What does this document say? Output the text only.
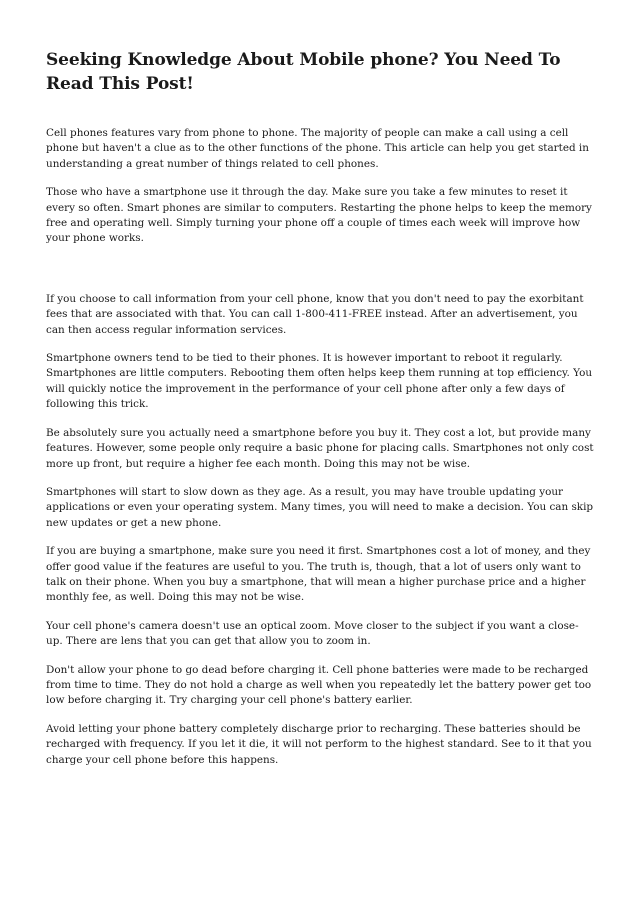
Seeking Knowledge About Mobile phone? You Need To Read This Post!

Cell phones features vary from phone to phone. The majority of people can make a call using a cell phone but haven't a clue as to the other functions of the phone. This article can help you get started in understanding a great number of things related to cell phones.

Those who have a smartphone use it through the day. Make sure you take a few minutes to reset it every so often. Smart phones are similar to computers. Restarting the phone helps to keep the memory free and operating well. Simply turning your phone off a couple of times each week will improve how your phone works.

If you choose to call information from your cell phone, know that you don't need to pay the exorbitant fees that are associated with that. You can call 1-800-411-FREE instead. After an advertisement, you can then access regular information services.

Smartphone owners tend to be tied to their phones. It is however important to reboot it regularly. Smartphones are little computers. Rebooting them often helps keep them running at top efficiency. You will quickly notice the improvement in the performance of your cell phone after only a few days of following this trick.

Be absolutely sure you actually need a smartphone before you buy it. They cost a lot, but provide many features. However, some people only require a basic phone for placing calls. Smartphones not only cost more up front, but require a higher fee each month. Doing this may not be wise.

Smartphones will start to slow down as they age. As a result, you may have trouble updating your applications or even your operating system. Many times, you will need to make a decision. You can skip new updates or get a new phone.

If you are buying a smartphone, make sure you need it first. Smartphones cost a lot of money, and they offer good value if the features are useful to you. The truth is, though, that a lot of users only want to talk on their phone. When you buy a smartphone, that will mean a higher purchase price and a higher monthly fee, as well. Doing this may not be wise.

Your cell phone's camera doesn't use an optical zoom. Move closer to the subject if you want a close-up. There are lens that you can get that allow you to zoom in.

Don't allow your phone to go dead before charging it. Cell phone batteries were made to be recharged from time to time. They do not hold a charge as well when you repeatedly let the battery power get too low before charging it. Try charging your cell phone's battery earlier.

Avoid letting your phone battery completely discharge prior to recharging. These batteries should be recharged with frequency. If you let it die, it will not perform to the highest standard. See to it that you charge your cell phone before this happens.
